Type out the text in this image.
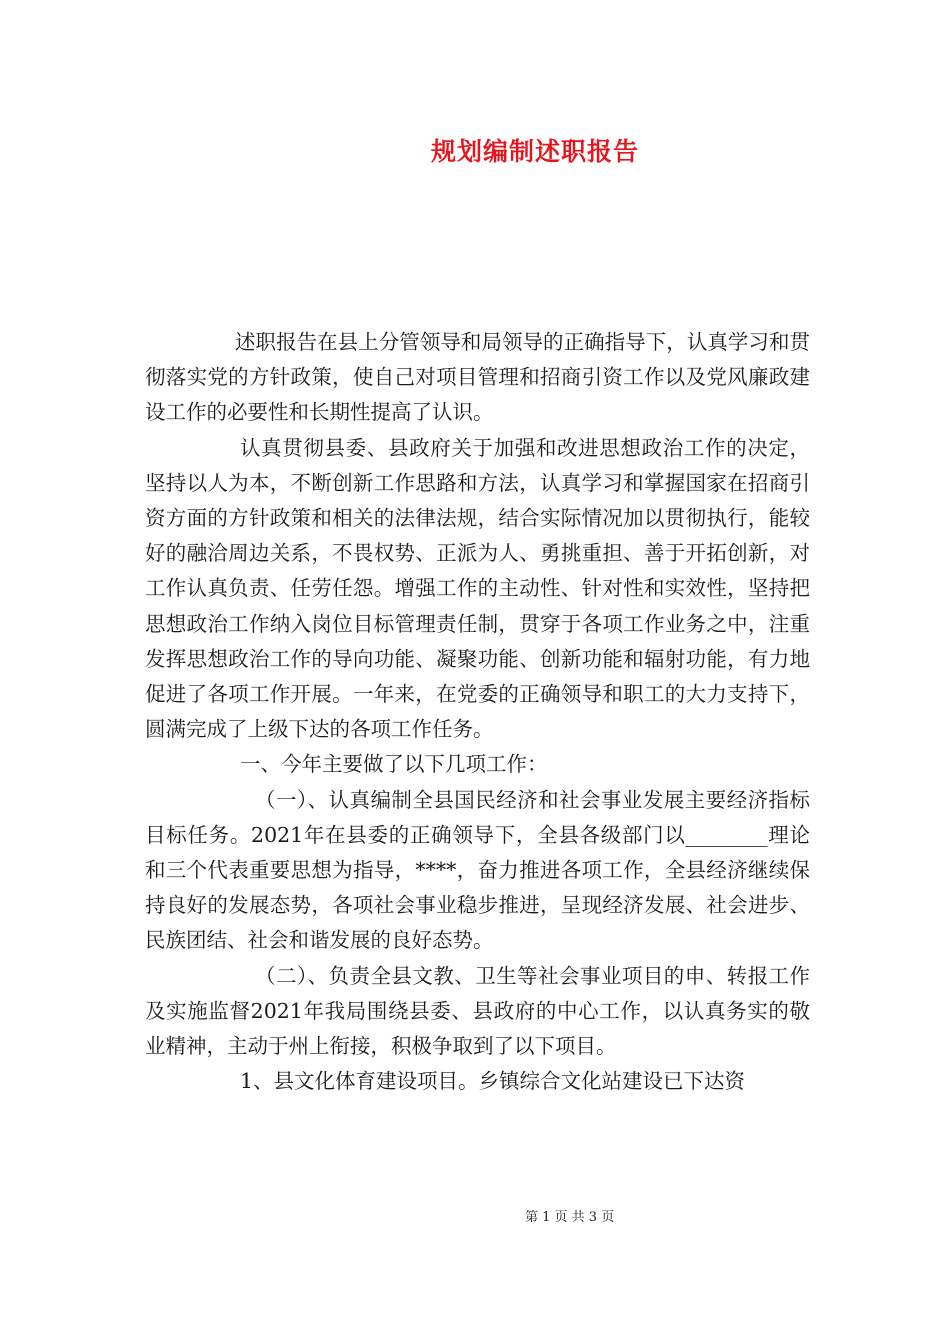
规划编制述职报告

述职报告在县上分管领导和局领导的正确指导下，认真学习和贯彻落实党的方针政策，使自己对项目管理和招商引资工作以及党风廉政建设工作的必要性和长期性提高了认识。

认真贯彻县委、县政府关于加强和改进思想政治工作的决定，坚持以人为本，不断创新工作思路和方法，认真学习和掌握国家在招商引资方面的方针政策和相关的法律法规，结合实际情况加以贯彻执行，能较好的融洽周边关系，不畏权势、正派为人、勇挑重担、善于开拓创新，对工作认真负责、任劳任怨。增强工作的主动性、针对性和实效性，坚持把思想政治工作纳入岗位目标管理责任制，贯穿于各项工作业务之中，注重发挥思想政治工作的导向功能、凝聚功能、创新功能和辐射功能，有力地促进了各项工作开展。一年来，在党委的正确领导和职工的大力支持下，圆满完成了上级下达的各项工作任务。

一、今年主要做了以下几项工作：

（一）、认真编制全县国民经济和社会事业发展主要经济指标目标任务。2021年在县委的正确领导下，全县各级部门以________理论和三个代表重要思想为指导，****，奋力推进各项工作，全县经济继续保持良好的发展态势，各项社会事业稳步推进，呈现经济发展、社会进步、民族团结、社会和谐发展的良好态势。

（二）、负责全县文教、卫生等社会事业项目的申、转报工作及实施监督2021年我局围绕县委、县政府的中心工作，以认真务实的敬业精神，主动于州上衔接，积极争取到了以下项目。

1、县文化体育建设项目。乡镇综合文化站建设已下达资

第 1 页 共 3 页
